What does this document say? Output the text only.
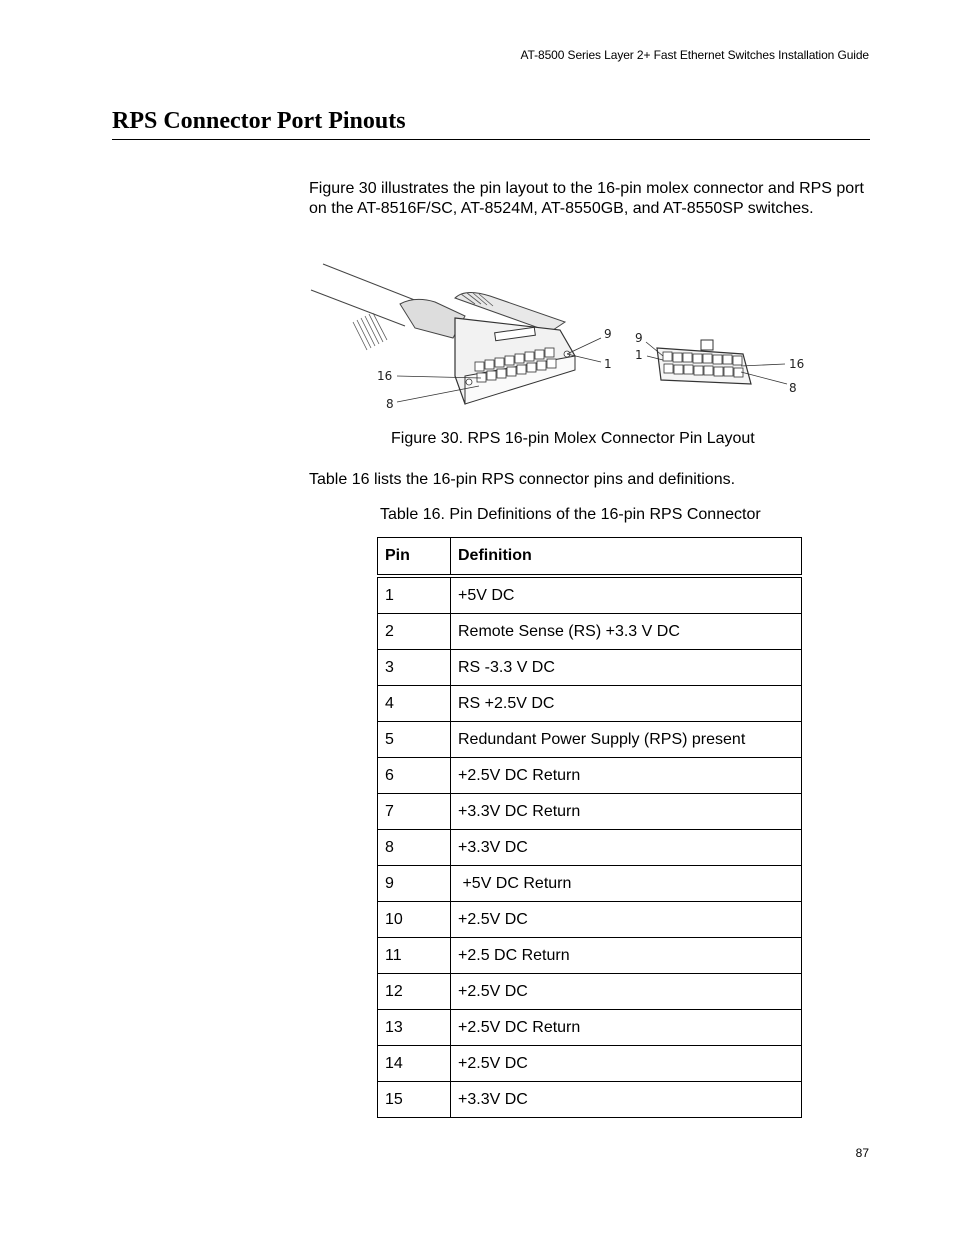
AT-8500 Series Layer 2+ Fast Ethernet Switches Installation Guide
RPS Connector Port Pinouts

Figure 30 illustrates the pin layout to the 16-pin molex connector and RPS port on the AT-8516F/SC, AT-8524M, AT-8550GB, and AT-8550SP switches.

9
1
16
8
9
1
16
8
Figure 30. RPS 16-pin Molex Connector Pin Layout
Table 16 lists the 16-pin RPS connector pins and definitions.
Table 16. Pin Definitions of the 16-pin RPS Connector
Pin	Definition
1	+5V DC
2	Remote Sense (RS) +3.3 V DC
3	RS -3.3 V DC
4	RS +2.5V DC
5	Redundant Power Supply (RPS) present
6	+2.5V DC Return
7	+3.3V DC Return
8	+3.3V DC
9	+5V DC Return
10	+2.5V DC
11	+2.5 DC Return
12	+2.5V DC
13	+2.5V DC Return
14	+2.5V DC
15	+3.3V DC
87
